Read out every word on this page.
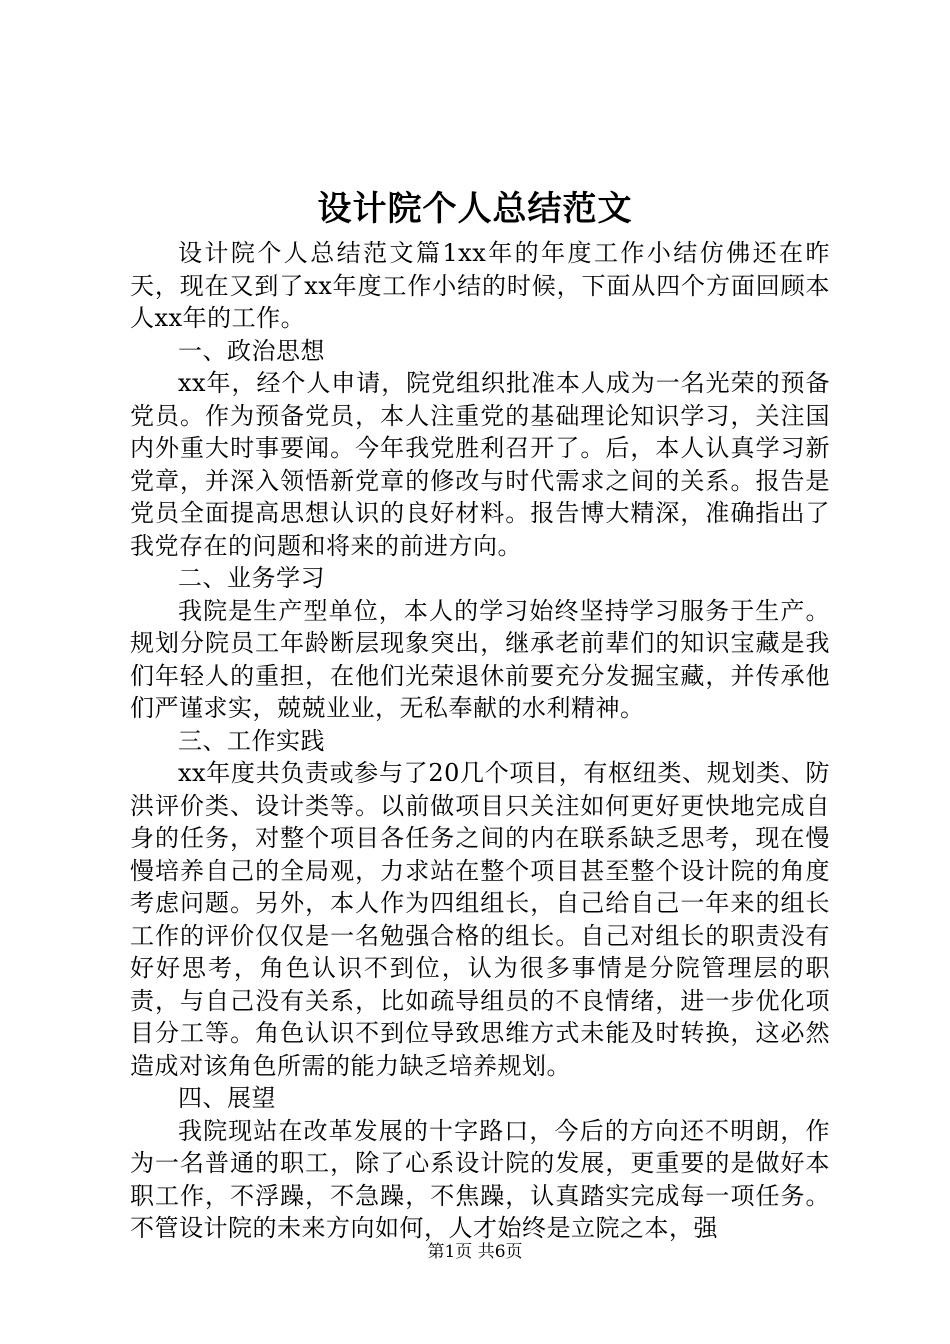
设计院个人总结范文

设计院个人总结范文篇1xx年的年度工作小结仿佛还在昨天，现在又到了xx年度工作小结的时候，下面从四个方面回顾本人xx年的工作。

一、政治思想

xx年，经个人申请，院党组织批准本人成为一名光荣的预备党员。作为预备党员，本人注重党的基础理论知识学习，关注国内外重大时事要闻。今年我党胜利召开了。后，本人认真学习新党章，并深入领悟新党章的修改与时代需求之间的关系。报告是党员全面提高思想认识的良好材料。报告博大精深，准确指出了我党存在的问题和将来的前进方向。

二、业务学习

我院是生产型单位，本人的学习始终坚持学习服务于生产。规划分院员工年龄断层现象突出，继承老前辈们的知识宝藏是我们年轻人的重担，在他们光荣退休前要充分发掘宝藏，并传承他们严谨求实，兢兢业业，无私奉献的水利精神。

三、工作实践

xx年度共负责或参与了20几个项目，有枢纽类、规划类、防洪评价类、设计类等。以前做项目只关注如何更好更快地完成自身的任务，对整个项目各任务之间的内在联系缺乏思考，现在慢慢培养自己的全局观，力求站在整个项目甚至整个设计院的角度考虑问题。另外，本人作为四组组长，自己给自己一年来的组长工作的评价仅仅是一名勉强合格的组长。自己对组长的职责没有好好思考，角色认识不到位，认为很多事情是分院管理层的职责，与自己没有关系，比如疏导组员的不良情绪，进一步优化项目分工等。角色认识不到位导致思维方式未能及时转换，这必然造成对该角色所需的能力缺乏培养规划。

四、展望

我院现站在改革发展的十字路口，今后的方向还不明朗，作为一名普通的职工，除了心系设计院的发展，更重要的是做好本职工作，不浮躁，不急躁，不焦躁，认真踏实完成每一项任务。不管设计院的未来方向如何，人才始终是立院之本，强

第1页 共6页
